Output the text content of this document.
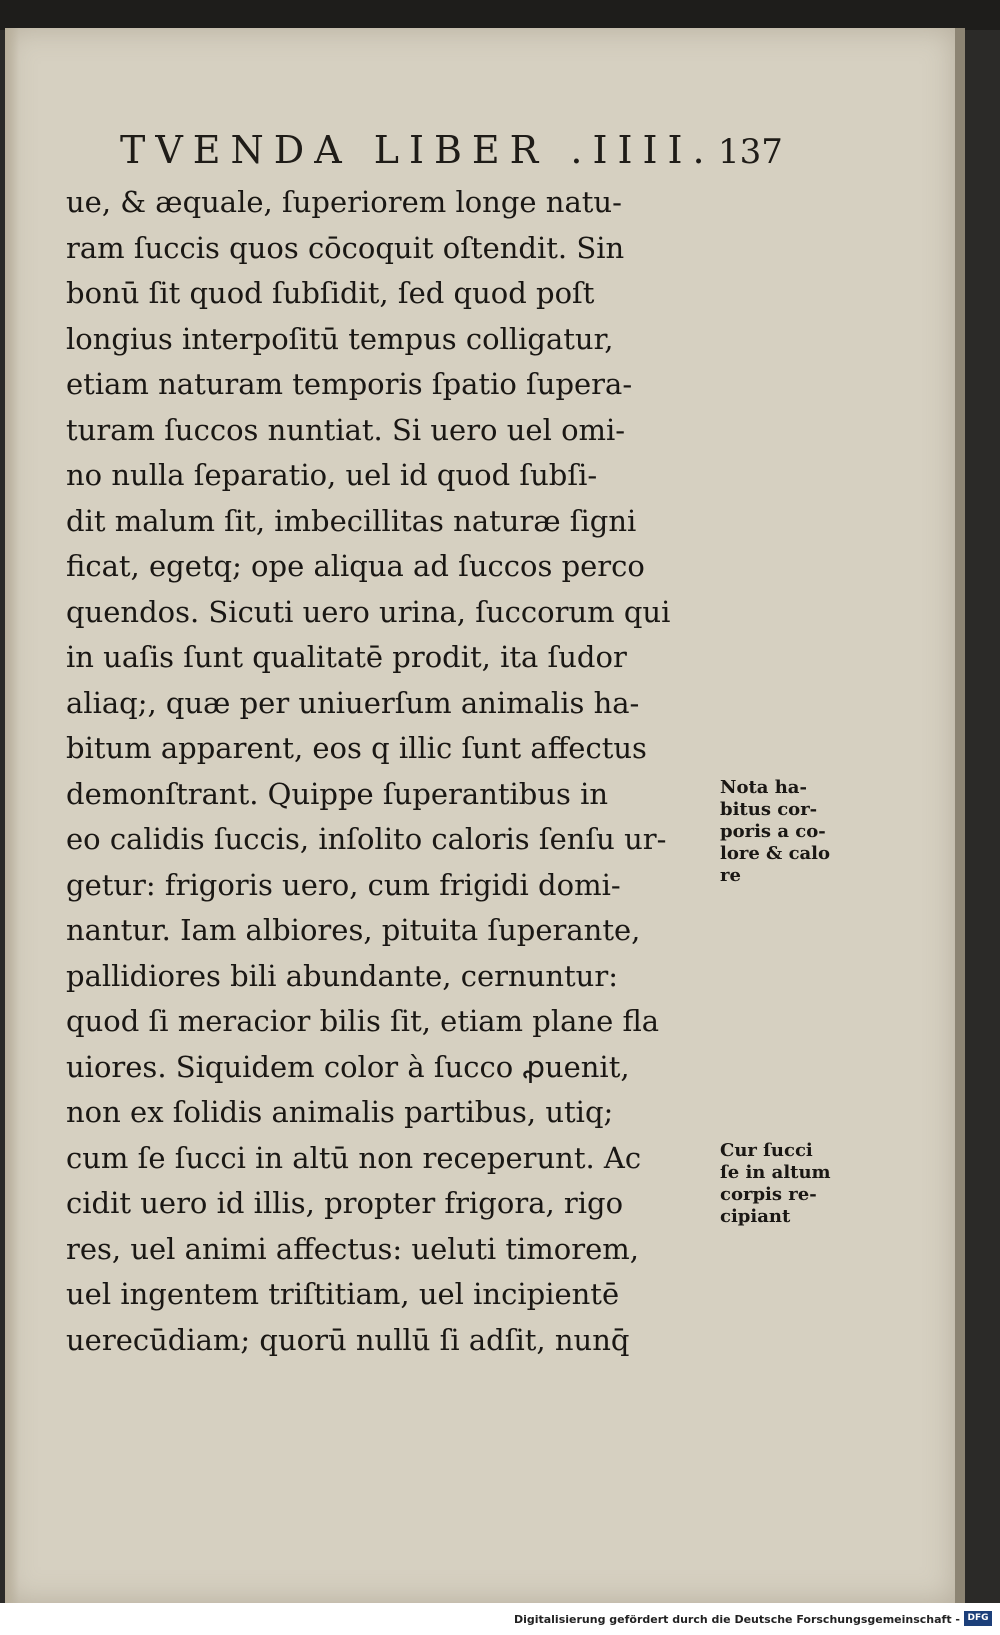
TVENDA LIBER .IIII. 137
ue, & æquale, ſuperiorem longe natu-
ram ſuccis quos cōcoquit oſtendit. Sin
bonū ſit quod ſubſidit, ſed quod poſt
longius interpoſitū tempus colligatur,
etiam naturam temporis ſpatio ſupera-
turam ſuccos nuntiat. Si uero uel omi-
no nulla ſeparatio, uel id quod ſubſi-
dit malum ſit, imbecillitas naturæ ſigni
ficat, egetq; ope aliqua ad ſuccos perco
quendos. Sicuti uero urina, ſuccorum qui
in uaſis ſunt qualitatē prodit, ita ſudor
aliaq;, quæ per uniuerſum animalis ha-
bitum apparent, eos q illic ſunt affectus
demonſtrant. Quippe ſuperantibus in
eo calidis ſuccis, inſolito caloris ſenſu ur-
getur: frigoris uero, cum frigidi domi-
nantur. Iam albiores, pituita ſuperante,
pallidiores bili abundante, cernuntur:
quod ſi meracior bilis ſit, etiam plane fla
uiores. Siquidem color à ſucco ꝓuenit,
non ex ſolidis animalis partibus, utiq;
cum ſe ſucci in altū non receperunt. Ac
cidit uero id illis, propter frigora, rigo
res, uel animi affectus: ueluti timorem,
uel ingentem triſtitiam, uel incipientē
uerecūdiam; quorū nullū ſi adſit, nunq̄
Nota ha-
bitus cor-
poris a co-
lore & calo
re
Cur ſucci
ſe in altum
corpis re-
cipiant
Digitalisierung gefördert durch die Deutsche Forschungsgemeinschaft - DFG
